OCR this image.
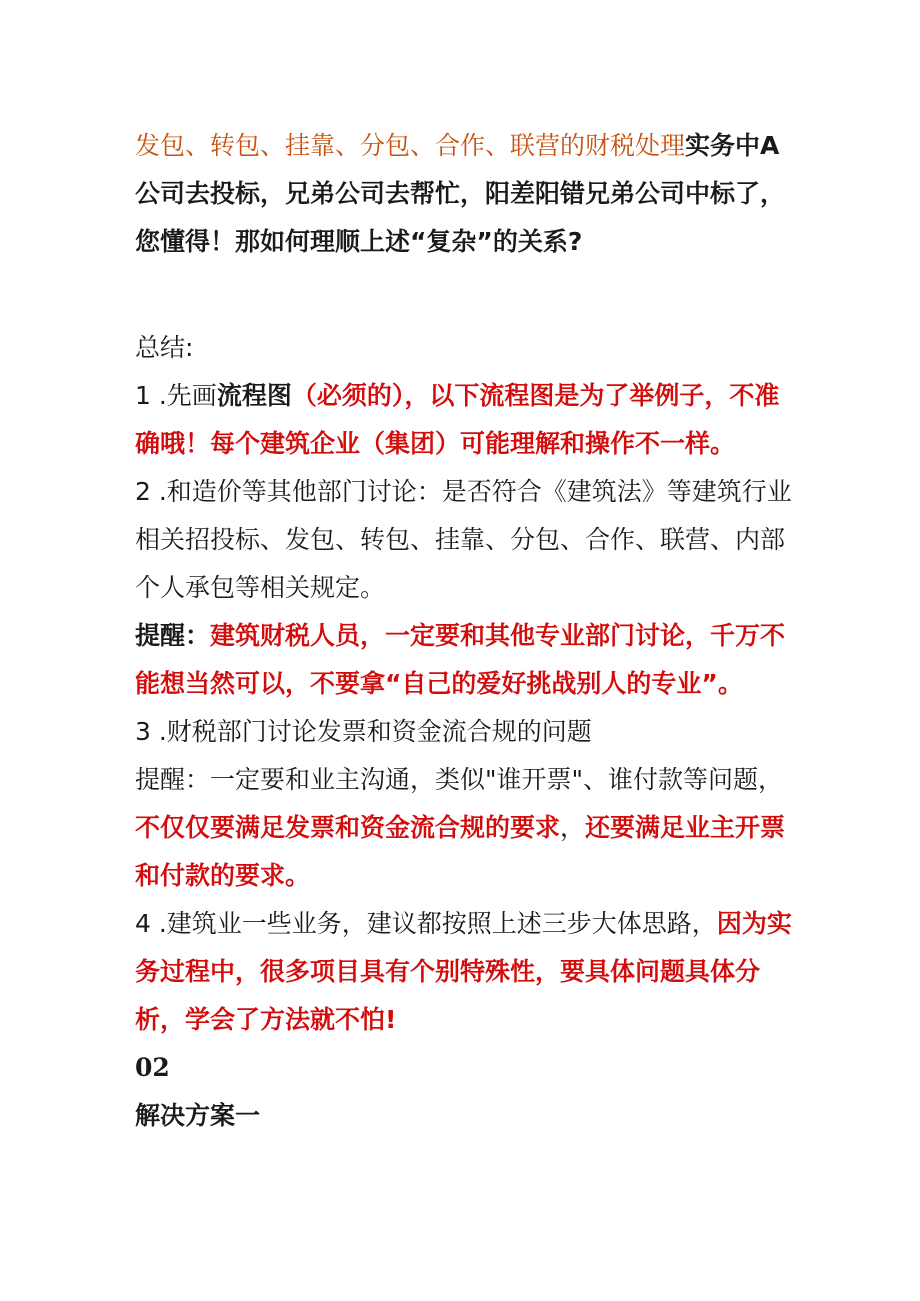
发包、转包、挂靠、分包、合作、联营的财税处理实务中A公司去投标，兄弟公司去帮忙，阳差阳错兄弟公司中标了，您懂得！那如何理顺上述“复杂”的关系?

总结:

1 .先画流程图（必须的），以下流程图是为了举例子，不准确哦！每个建筑企业（集团）可能理解和操作不一样。

2 .和造价等其他部门讨论：是否符合《建筑法》等建筑行业相关招投标、发包、转包、挂靠、分包、合作、联营、内部个人承包等相关规定。

提醒：建筑财税人员，一定要和其他专业部门讨论，千万不能想当然可以，不要拿“自己的爱好挑战别人的专业”。

3 .财税部门讨论发票和资金流合规的问题

提醒：一定要和业主沟通，类似"谁开票"、谁付款等问题，不仅仅要满足发票和资金流合规的要求，还要满足业主开票和付款的要求。

4 .建筑业一些业务，建议都按照上述三步大体思路，因为实务过程中，很多项目具有个别特殊性，要具体问题具体分析，学会了方法就不怕!

02

解决方案一
